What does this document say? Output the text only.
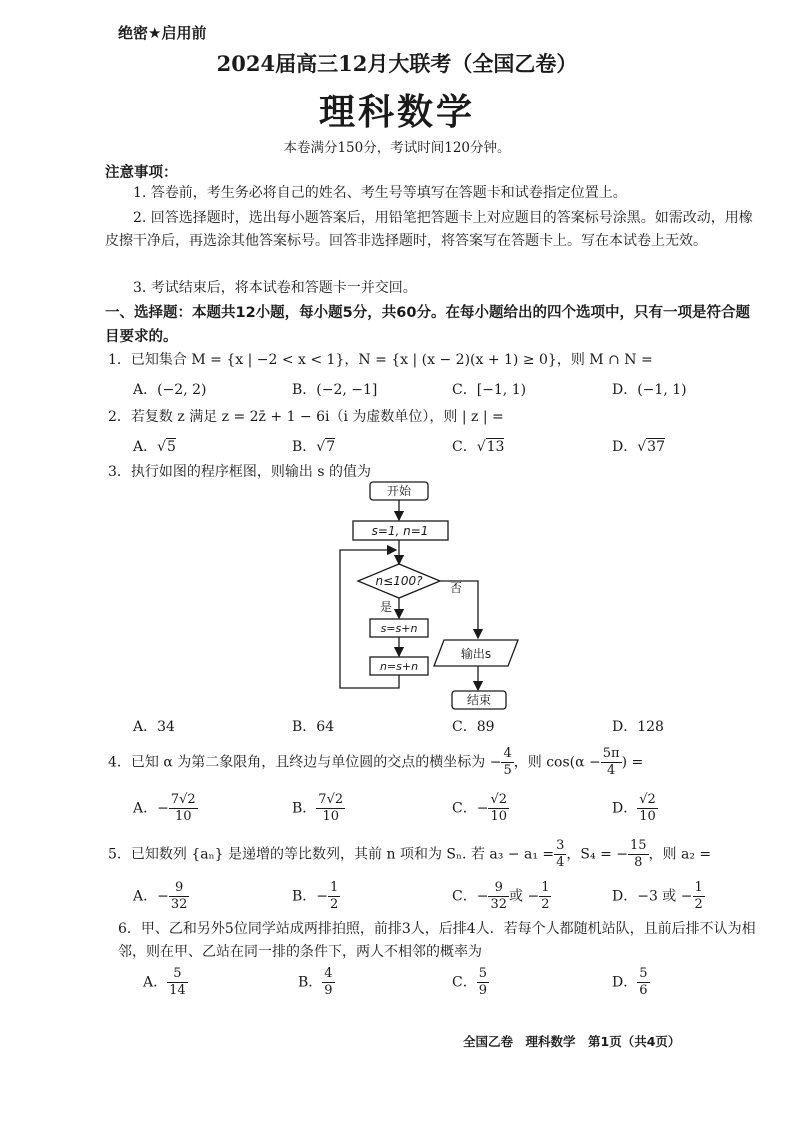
绝密★启用前
2024届高三12月大联考（全国乙卷）
理科数学
本卷满分150分，考试时间120分钟。
注意事项：
1. 答卷前，考生务必将自己的姓名、考生号等填写在答题卡和试卷指定位置上。
2. 回答选择题时，选出每小题答案后，用铅笔把答题卡上对应题目的答案标号涂黑。如需改动，用橡皮擦干净后，再选涂其他答案标号。回答非选择题时，将答案写在答题卡上。写在本试卷上无效。
3. 考试结束后，将本试卷和答题卡一并交回。
一、选择题：本题共12小题，每小题5分，共60分。在每小题给出的四个选项中，只有一项是符合题目要求的。
1．已知集合 M = {x | −2 < x < 1}，N = {x | (x − 2)(x + 1) ≥ 0}，则 M ∩ N =
A．(−2, 2)	B．(−2, −1]	C．[−1, 1)	D．(−1, 1)
2．若复数 z 满足 z = 2z̄ + 1 − 6i（i 为虚数单位），则 | z | =
A．√5	B．√7	C．√13	D．√37
3．执行如图的程序框图，则输出 s 的值为
开始
s=1, n=1
n≤100? 否
是
s=s+n
n=s+n
输出s
结束
A．34	B．64	C．89	D．128
4．已知 α 为第二象限角，且终边与单位圆的交点的横坐标为 − $\frac{4}{5}$ ，则 $\cos(\alpha - \frac{5\pi}{4}$ ) =
A．− $\frac{7√2}{10}$	B． $\frac{7√2}{10}$	C．− $\frac{√2}{10}$	D． $\frac{√2}{10}$
5．已知数列 {aₙ} 是递增的等比数列，其前 n 项和为 Sₙ. 若 $a_3 - a_1 = \frac{3}{4}$ ，S₄ = − $\frac{15}{8}$ ，则 a₂ =
A．− $\frac{9}{32}$	B．− $\frac{1}{2}$	C．− $\frac{9}{32}$ 或 − $\frac{1}{2}$	D．−3 或 − $\frac{1}{2}$
6．甲、乙和另外5位同学站成两排拍照，前排3人，后排4人．若每个人都随机站队，且前后排不认为相邻，则在甲、乙站在同一排的条件下，两人不相邻的概率为
A． $\frac{5}{14}$	B． $\frac{4}{9}$	C． $\frac{5}{9}$	D． $\frac{5}{6}$
全国乙卷　理科数学　第1页（共4页）
